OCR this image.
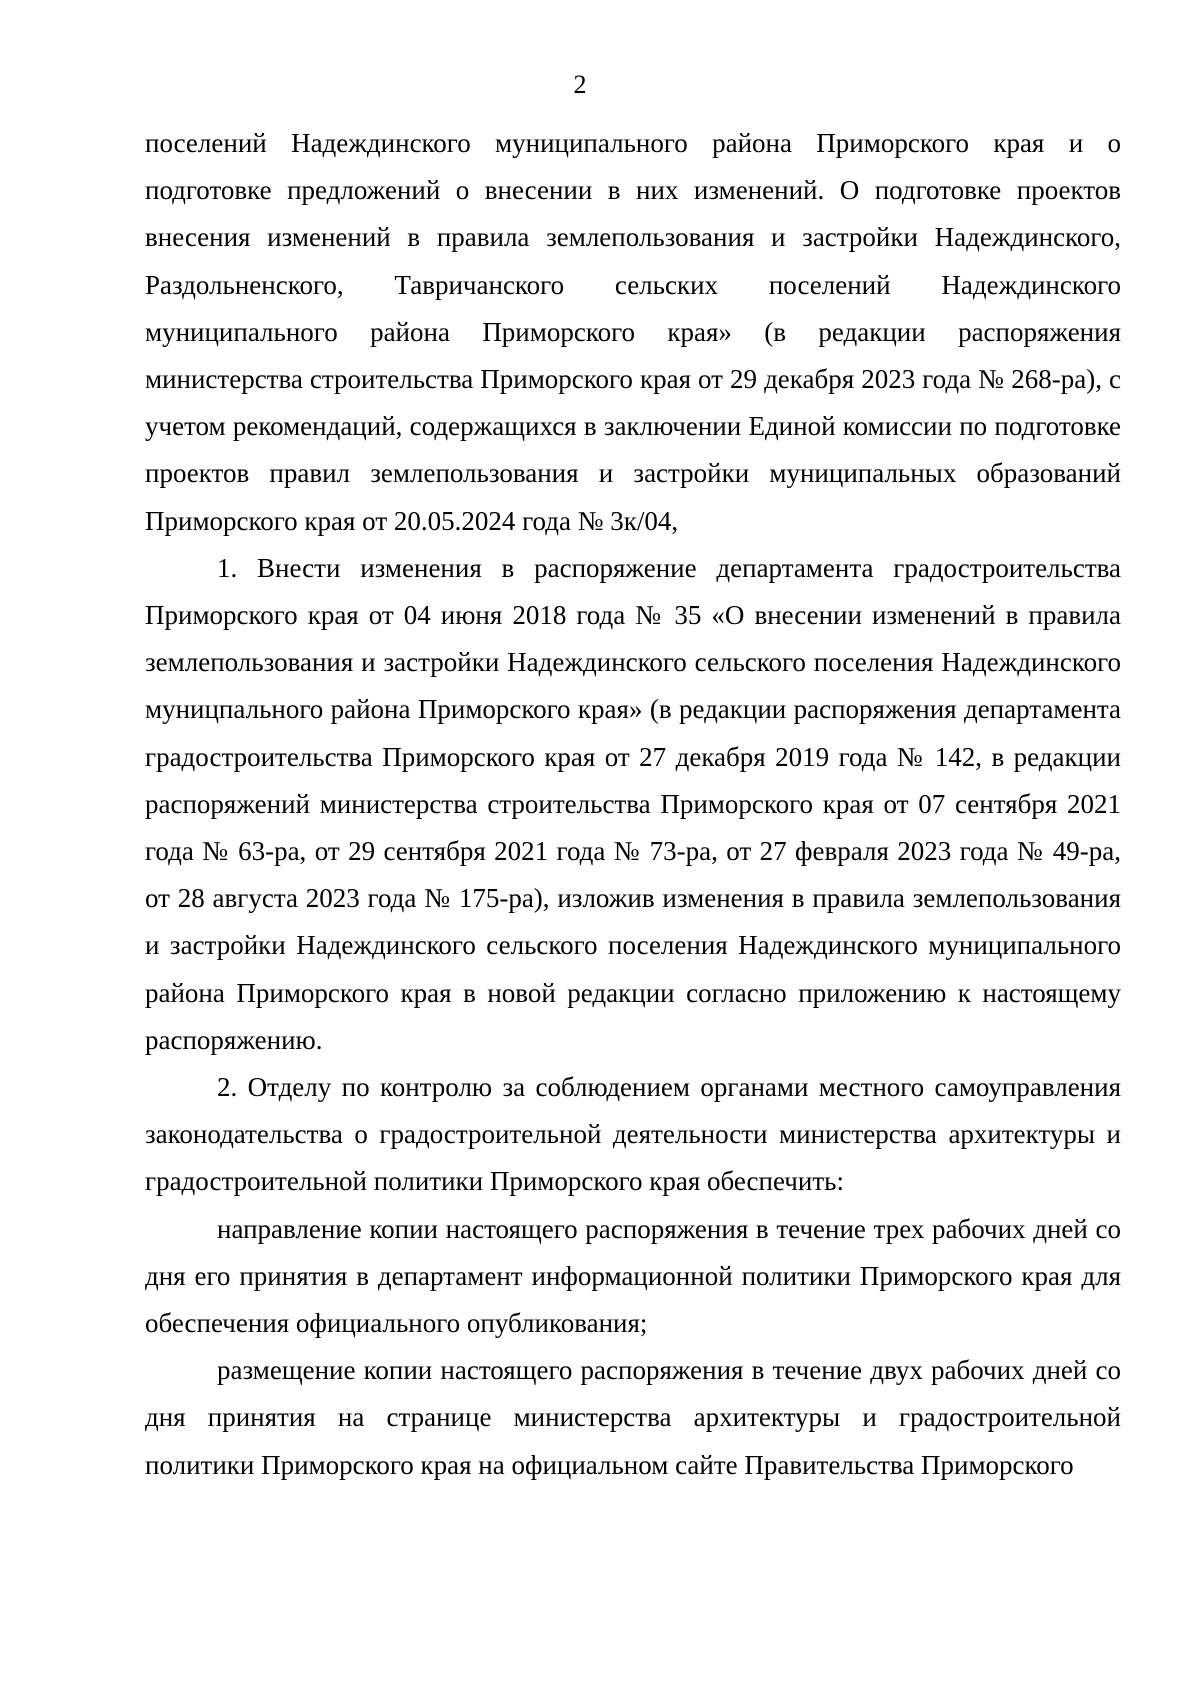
2

поселений Надеждинского муниципального района Приморского края и о подготовке предложений о внесении в них изменений. О подготовке проектов внесения изменений в правила землепользования и застройки Надеждинского, Раздольненского, Тавричанского сельских поселений Надеждинского муниципального района Приморского края» (в редакции распоряжения министерства строительства Приморского края от 29 декабря 2023 года № 268-ра), с учетом рекомендаций, содержащихся в заключении Единой комиссии по подготовке проектов правил землепользования и застройки муниципальных образований Приморского края от 20.05.2024 года № 3к/04,

1. Внести изменения в распоряжение департамента градостроительства Приморского края от 04 июня 2018 года № 35 «О внесении изменений в правила землепользования и застройки Надеждинского сельского поселения Надеждинского муницпального района Приморского края» (в редакции распоряжения департамента градостроительства Приморского края от 27 декабря 2019 года № 142, в редакции распоряжений министерства строительства Приморского края от 07 сентября 2021 года № 63-ра, от 29 сентября 2021 года № 73-ра, от 27 февраля 2023 года № 49-ра, от 28 августа 2023 года № 175-ра), изложив изменения в правила землепользования и застройки Надеждинского сельского поселения Надеждинского муниципального района Приморского края в новой редакции согласно приложению к настоящему распоряжению.

2. Отделу по контролю за соблюдением органами местного самоуправления законодательства о градостроительной деятельности министерства архитектуры и градостроительной политики Приморского края обеспечить:

направление копии настоящего распоряжения в течение трех рабочих дней со дня его принятия в департамент информационной политики Приморского края для обеспечения официального опубликования;

размещение копии настоящего распоряжения в течение двух рабочих дней со дня принятия на странице министерства архитектуры и градостроительной политики Приморского края на официальном сайте Правительства Приморского
